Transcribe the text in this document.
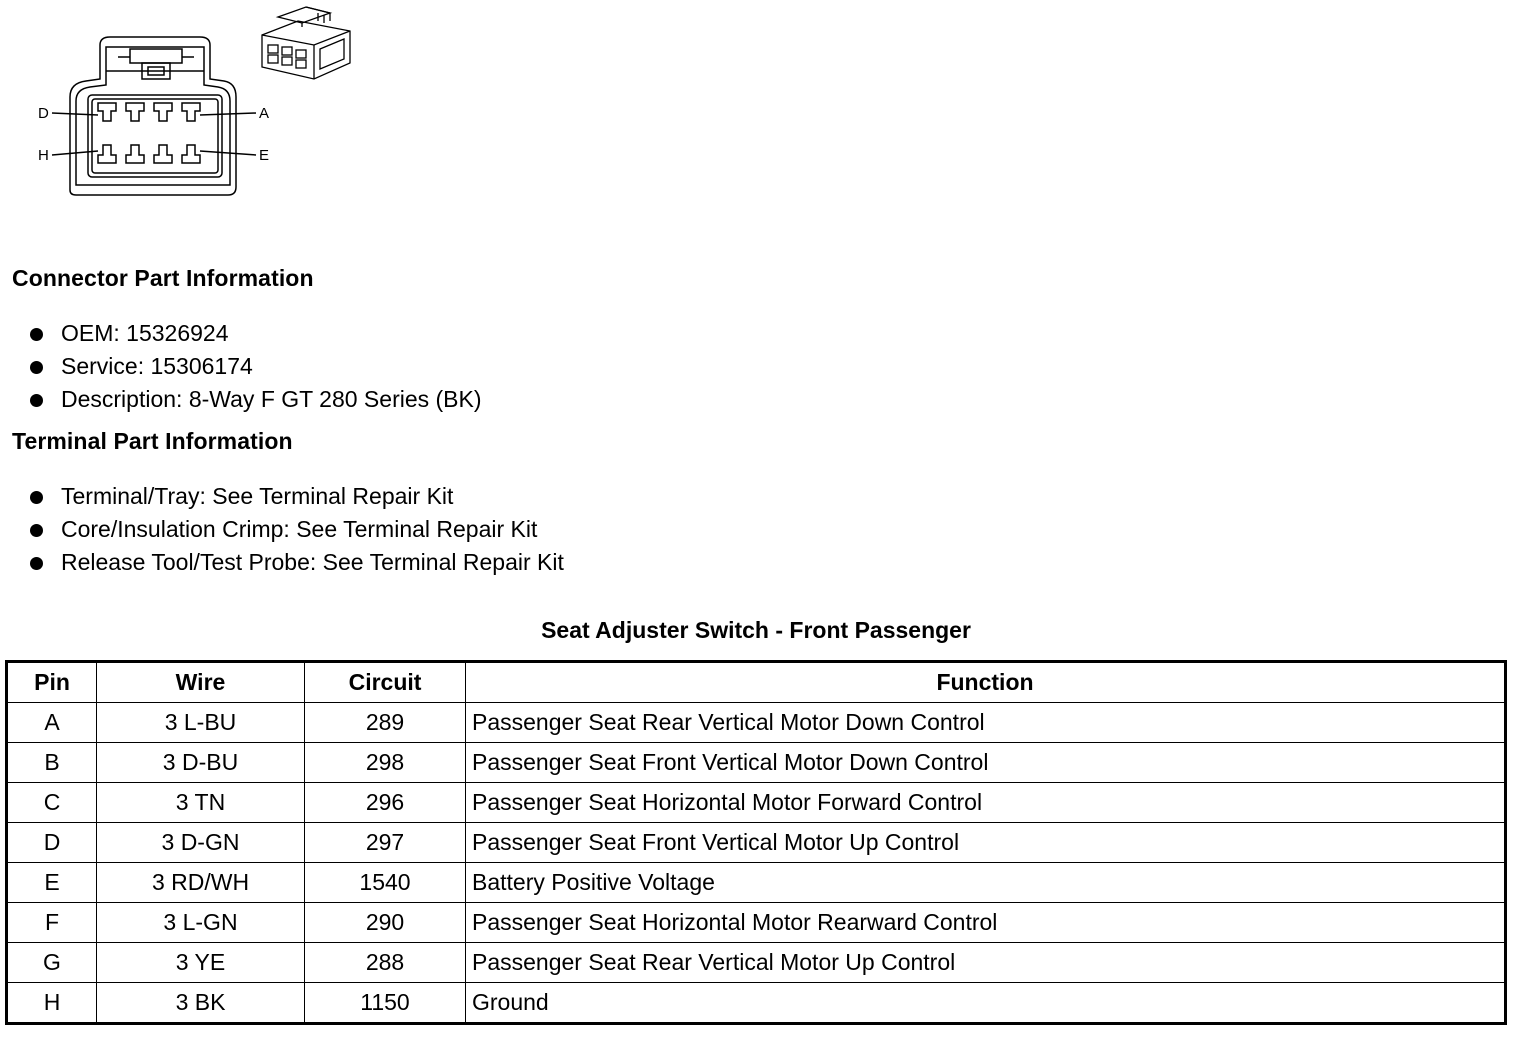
D	A
H	E
Connector Part Information
OEM: 15326924
Service: 15306174
Description: 8-Way F GT 280 Series (BK)
Terminal Part Information
Terminal/Tray: See Terminal Repair Kit
Core/Insulation Crimp: See Terminal Repair Kit
Release Tool/Test Probe: See Terminal Repair Kit
Seat Adjuster Switch - Front Passenger
Pin	Wire	Circuit	Function
A	3 L-BU	289	Passenger Seat Rear Vertical Motor Down Control
B	3 D-BU	298	Passenger Seat Front Vertical Motor Down Control
C	3 TN	296	Passenger Seat Horizontal Motor Forward Control
D	3 D-GN	297	Passenger Seat Front Vertical Motor Up Control
E	3 RD/WH	1540	Battery Positive Voltage
F	3 L-GN	290	Passenger Seat Horizontal Motor Rearward Control
G	3 YE	288	Passenger Seat Rear Vertical Motor Up Control
H	3 BK	1150	Ground
